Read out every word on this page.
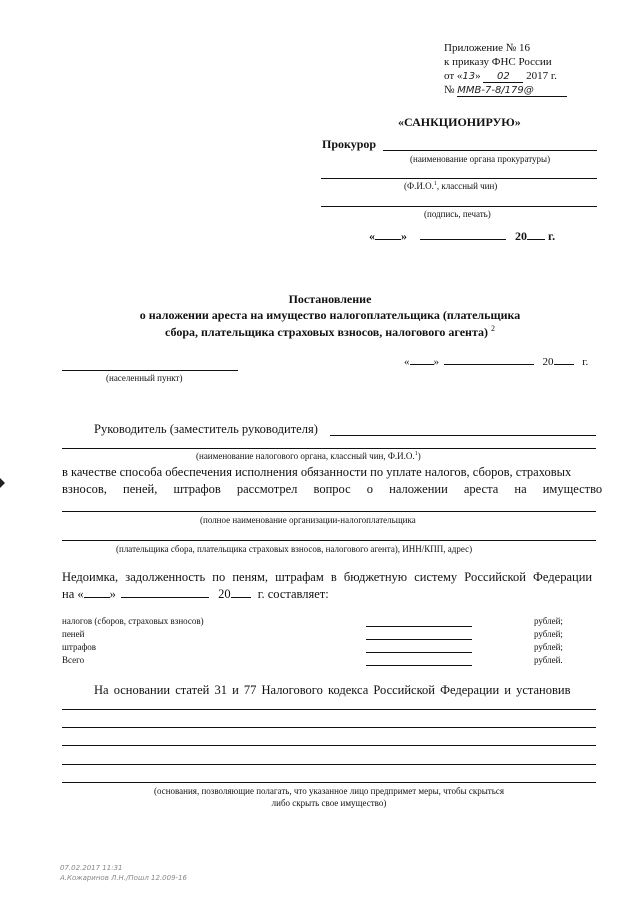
Приложение № 16
к приказу ФНС России
от «13» 02 2017 г.
№ ММВ-7-8/179@
«САНКЦИОНИРУЮ»
Прокурор
(наименование органа прокуратуры)
(Ф.И.О.$^1$, классный чин)
(подпись, печать)
« »	20 г.
Постановление
о наложении ареста на имущество налогоплательщика (плательщика
сбора, плательщика страховых взносов, налогового агента) $^2$
(населенный пункт)
« »	20	г.
Руководитель (заместитель руководителя)
(наименование налогового органа, классный чин, Ф.И.О.$^1$)
в качестве способа обеспечения исполнения обязанности по уплате налогов, сборов, страховых
взносов, пеней, штрафов рассмотрел вопрос о наложении ареста на имущество
(полное наименование организации-налогоплательщика
(плательщика сбора, плательщика страховых взносов, налогового агента), ИНН/КПП, адрес)
Недоимка, задолженность по пеням, штрафам в бюджетную систему Российской Федерации
на « »	20 г. составляет:
налогов (сборов, страховых взносов)	рублей;
пеней	рублей;
штрафов	рублей;
Всего	рублей.
На основании статей 31 и 77 Налогового кодекса Российской Федерации и установив
(основания, позволяющие полагать, что указанное лицо предпримет меры, чтобы скрыться
либо скрыть свое имущество)
07.02.2017 11:31
А.Кожаринов Л.Н./Пошл 12.009-16
